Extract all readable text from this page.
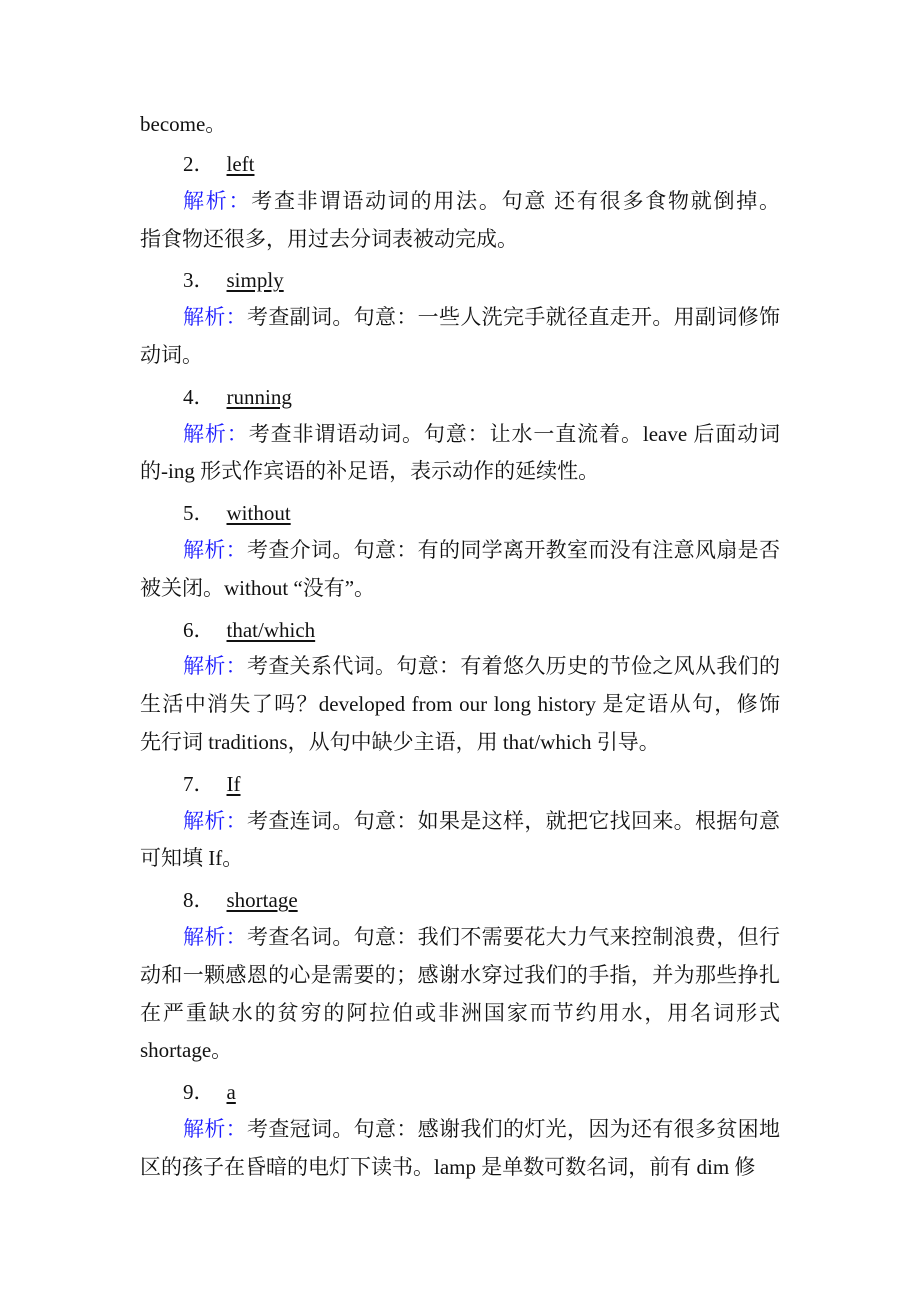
become。
2． left
解析：考查非谓语动词的用法。句意 还有很多食物就倒掉。
指食物还很多，用过去分词表被动完成。
3． simply
解析：考查副词。句意：一些人洗完手就径直走开。用副词修饰
动词。
4． running
解析：考查非谓语动词。句意：让水一直流着。leave 后面动词
的-ing 形式作宾语的补足语，表示动作的延续性。
5． without
解析：考查介词。句意：有的同学离开教室而没有注意风扇是否
被关闭。without “没有”。
6． that/which
解析：考查关系代词。句意：有着悠久历史的节俭之风从我们的
生活中消失了吗？developed from our long history 是定语从句，修饰
先行词 traditions，从句中缺少主语，用 that/which 引导。
7． If
解析：考查连词。句意：如果是这样，就把它找回来。根据句意
可知填 If。
8． shortage
解析：考查名词。句意：我们不需要花大力气来控制浪费，但行
动和一颗感恩的心是需要的；感谢水穿过我们的手指，并为那些挣扎
在严重缺水的贫穷的阿拉伯或非洲国家而节约用水，用名词形式
shortage。
9． a
解析：考查冠词。句意：感谢我们的灯光，因为还有很多贫困地
区的孩子在昏暗的电灯下读书。lamp 是单数可数名词，前有 dim 修
